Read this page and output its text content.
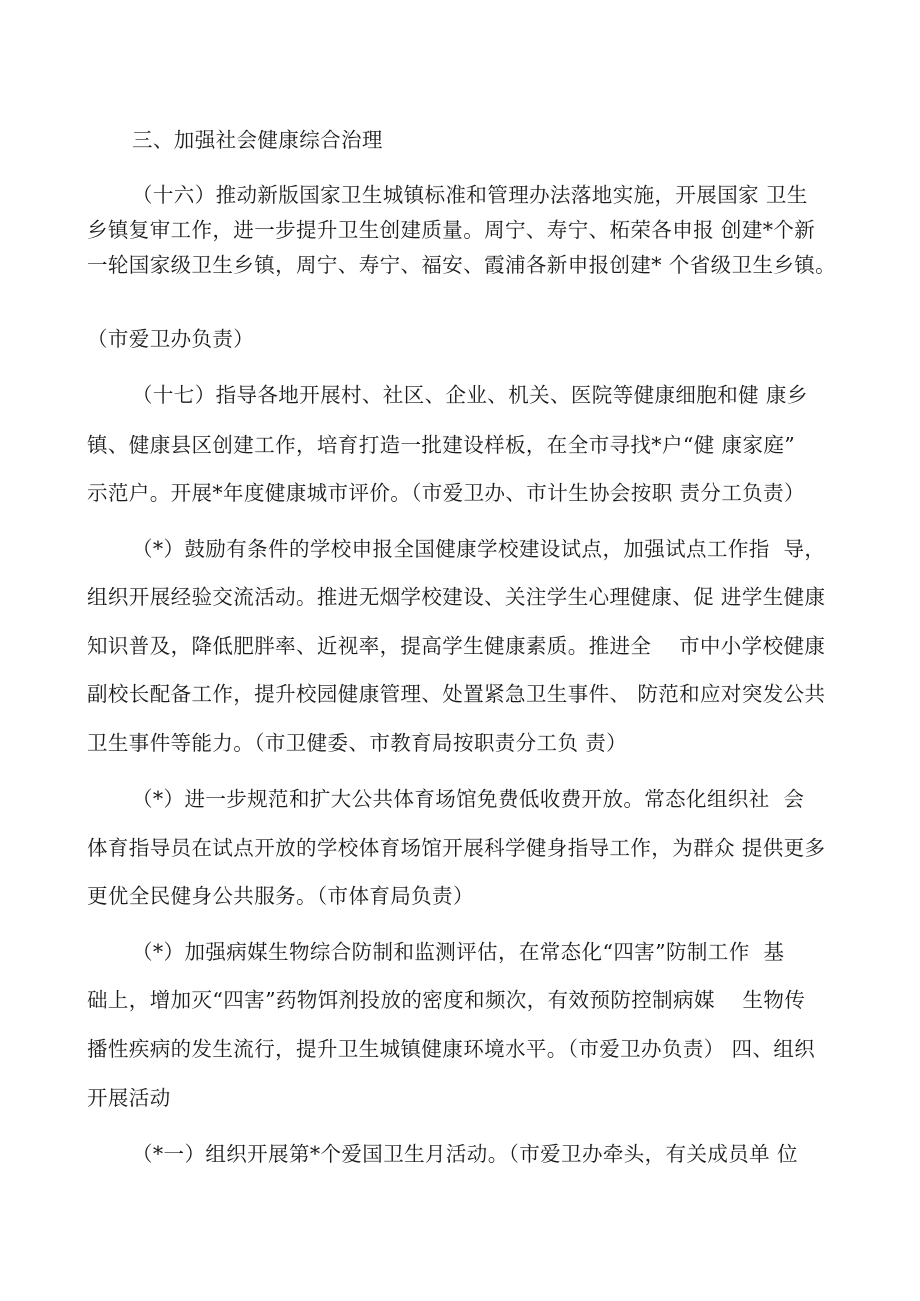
三、加强社会健康综合治理
（十六）推动新版国家卫生城镇标准和管理办法落地实施，开展国家 卫生
乡镇复审工作，进一步提升卫生创建质量。周宁、寿宁、柘荣各申报 创建*个新
一轮国家级卫生乡镇，周宁、寿宁、福安、霞浦各新申报创建* 个省级卫生乡镇。
（市爱卫办负责）
（十七）指导各地开展村、社区、企业、机关、医院等健康细胞和健 康乡
镇、健康县区创建工作，培育打造一批建设样板，在全市寻找*户“健 康家庭”
示范户。开展*年度健康城市评价。（市爱卫办、市计生协会按职 责分工负责）
（*）鼓励有条件的学校申报全国健康学校建设试点，加强试点工作指  导，
组织开展经验交流活动。推进无烟学校建设、关注学生心理健康、促 进学生健康
知识普及，降低肥胖率、近视率，提高学生健康素质。推进全    市中小学校健康
副校长配备工作，提升校园健康管理、处置紧急卫生事件、 防范和应对突发公共
卫生事件等能力。（市卫健委、市教育局按职责分工负 责）
（*）进一步规范和扩大公共体育场馆免费低收费开放。常态化组织社  会
体育指导员在试点开放的学校体育场馆开展科学健身指导工作，为群众 提供更多
更优全民健身公共服务。（市体育局负责）
（*）加强病媒生物综合防制和监测评估，在常态化“四害”防制工作  基
础上，增加灭“四害”药物饵剂投放的密度和频次，有效预防控制病媒    生物传
播性疾病的发生流行，提升卫生城镇健康环境水平。（市爱卫办负责） 四、组织
开展活动
（*一）组织开展第*个爱国卫生月活动。（市爱卫办牵头，有关成员单 位
